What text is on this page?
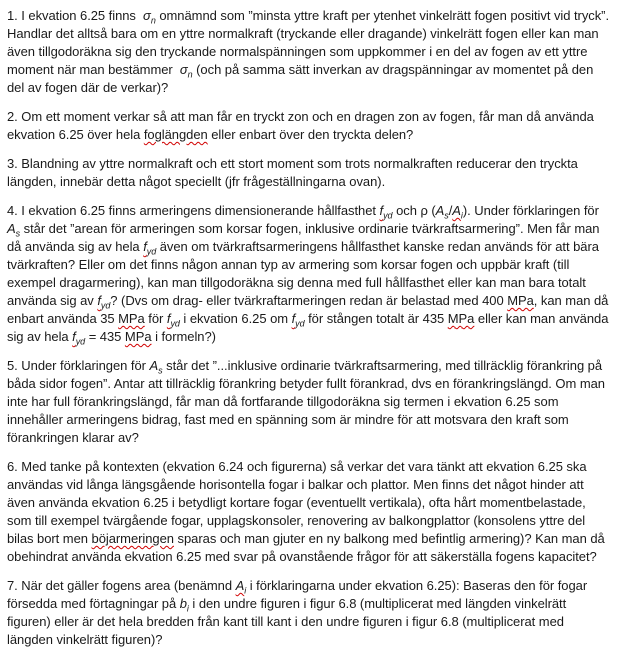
1. I ekvation 6.25 finns  $\sigma_n$ omnämnd som ”minsta yttre kraft per ytenhet vinkelrätt fogen positivt vid tryck”. Handlar det alltså bara om en yttre normalkraft (tryckande eller dragande) vinkelrätt fogen eller kan man även tillgodoräkna sig den tryckande normalspänningen som uppkommer i en del av fogen av ett yttre moment när man bestämmer  $\sigma_n$ (och på samma sätt inverkan av dragspänningar av momentet på den del av fogen där de verkar)?

2. Om ett moment verkar så att man får en tryckt zon och en dragen zon av fogen, får man då använda ekvation 6.25 över hela foglängden eller enbart över den tryckta delen?

3. Blandning av yttre normalkraft och ett stort moment som trots normalkraften reducerar den tryckta längden, innebär detta något speciellt (jfr frågeställningarna ovan).

4. I ekvation 6.25 finns armeringens dimensionerande hållfasthet $f_{yd}$ och ρ $(A_s/A_i)$. Under förklaringen för $A_s$ står det ”arean för armeringen som korsar fogen, inklusive ordinarie tvärkraftsarmering”. Men får man då använda sig av hela $f_{yd}$ även om tvärkraftsarmeringens hållfasthet kanske redan används för att bära tvärkraften? Eller om det finns någon annan typ av armering som korsar fogen och uppbär kraft (till exempel dragarmering), kan man tillgodoräkna sig denna med full hållfasthet eller kan man bara totalt använda sig av $f_{yd}$? (Dvs om drag- eller tvärkraftarmeringen redan är belastad med 400 MPa, kan man då enbart använda 35 MPa för $f_{yd}$ i ekvation 6.25 om $f_{yd}$ för stången totalt är 435 MPa eller kan man använda sig av hela $f_{yd} = 435$ MPa i formeln?)

5. Under förklaringen för $A_s$ står det ”...inklusive ordinarie tvärkraftsarmering, med tillräcklig förankring på båda sidor fogen”. Antar att tillräcklig förankring betyder fullt förankrad, dvs en förankringslängd. Om man inte har full förankringslängd, får man då fortfarande tillgodoräkna sig termen i ekvation 6.25 som innehåller armeringens bidrag, fast med en spänning som är mindre för att motsvara den kraft som förankringen klarar av?

6. Med tanke på kontexten (ekvation 6.24 och figurerna) så verkar det vara tänkt att ekvation 6.25 ska användas vid långa längsgående horisontella fogar i balkar och plattor. Men finns det något hinder att även använda ekvation 6.25 i betydligt kortare fogar (eventuellt vertikala), ofta hårt momentbelastade, som till exempel tvärgående fogar, upplagskonsoler, renovering av balkongplattor (konsolens yttre del bilas bort men böjarmeringen sparas och man gjuter en ny balkong med befintlig armering)? Kan man då obehindrat använda ekvation 6.25 med svar på ovanstående frågor för att säkerställa fogens kapacitet?

7. När det gäller fogens area (benämnd $A_i$ i förklaringarna under ekvation 6.25): Baseras den för fogar försedda med förtagningar på $b_i$ i den undre figuren i figur 6.8 (multiplicerat med längden vinkelrätt figuren) eller är det hela bredden från kant till kant i den undre figuren i figur 6.8 (multiplicerat med längden vinkelrätt figuren)?
